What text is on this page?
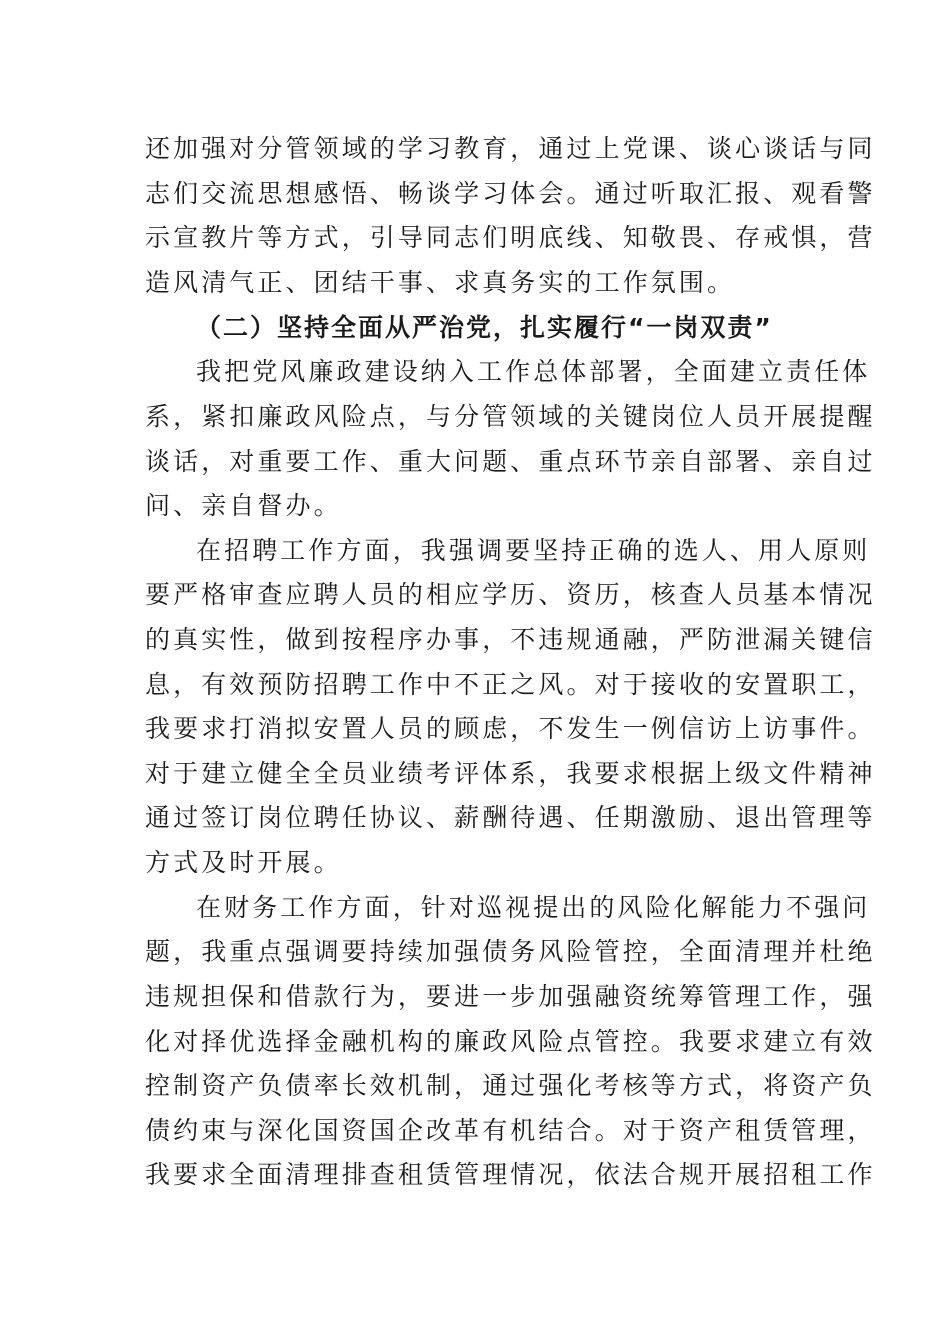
还加强对分管领域的学习教育，通过上党课、谈心谈话与同
志们交流思想感悟、畅谈学习体会。通过听取汇报、观看警
示宣教片等方式，引导同志们明底线、知敬畏、存戒惧，营
造风清气正、团结干事、求真务实的工作氛围。
（二）坚持全面从严治党，扎实履行“一岗双责”
我把党风廉政建设纳入工作总体部署，全面建立责任体
系，紧扣廉政风险点，与分管领域的关键岗位人员开展提醒
谈话，对重要工作、重大问题、重点环节亲自部署、亲自过
问、亲自督办。
在招聘工作方面，我强调要坚持正确的选人、用人原则
要严格审查应聘人员的相应学历、资历，核查人员基本情况
的真实性，做到按程序办事，不违规通融，严防泄漏关键信
息，有效预防招聘工作中不正之风。对于接收的安置职工，
我要求打消拟安置人员的顾虑，不发生一例信访上访事件。
对于建立健全全员业绩考评体系，我要求根据上级文件精神
通过签订岗位聘任协议、薪酬待遇、任期激励、退出管理等
方式及时开展。
在财务工作方面，针对巡视提出的风险化解能力不强问
题，我重点强调要持续加强债务风险管控，全面清理并杜绝
违规担保和借款行为，要进一步加强融资统筹管理工作，强
化对择优选择金融机构的廉政风险点管控。我要求建立有效
控制资产负债率长效机制，通过强化考核等方式，将资产负
债约束与深化国资国企改革有机结合。对于资产租赁管理，
我要求全面清理排查租赁管理情况，依法合规开展招租工作
